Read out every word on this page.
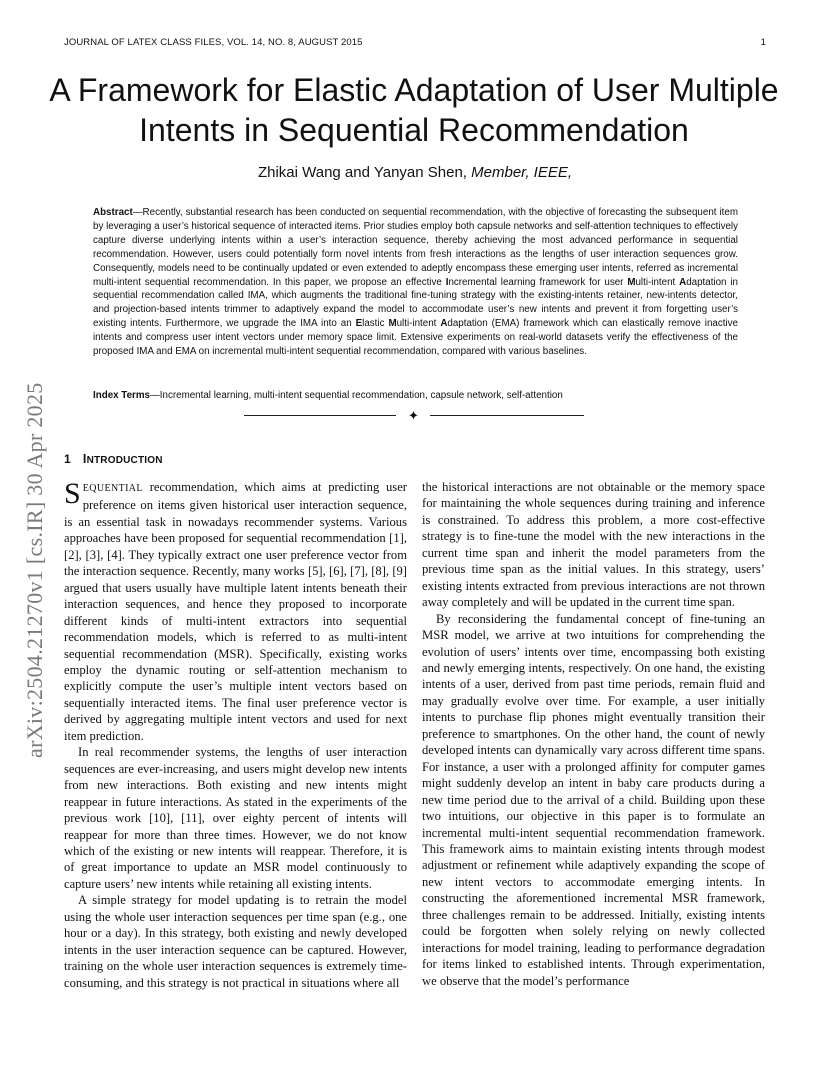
JOURNAL OF LATEX CLASS FILES, VOL. 14, NO. 8, AUGUST 2015	1
arXiv:2504.21270v1 [cs.IR] 30 Apr 2025
A Framework for Elastic Adaptation of User Multiple Intents in Sequential Recommendation
Zhikai Wang and Yanyan Shen, Member, IEEE,

Abstract—Recently, substantial research has been conducted on sequential recommendation, with the objective of forecasting the subsequent item by leveraging a user’s historical sequence of interacted items. Prior studies employ both capsule networks and self-attention techniques to effectively capture diverse underlying intents within a user’s interaction sequence, thereby achieving the most advanced performance in sequential recommendation. However, users could potentially form novel intents from fresh interactions as the lengths of user interaction sequences grow. Consequently, models need to be continually updated or even extended to adeptly encompass these emerging user intents, referred as incremental multi-intent sequential recommendation. In this paper, we propose an effective Incremental learning framework for user Multi-intent Adaptation in sequential recommendation called IMA, which augments the traditional fine-tuning strategy with the existing-intents retainer, new-intents detector, and projection-based intents trimmer to adaptively expand the model to accommodate user’s new intents and prevent it from forgetting user’s existing intents. Furthermore, we upgrade the IMA into an Elastic Multi-intent Adaptation (EMA) framework which can elastically remove inactive intents and compress user intent vectors under memory space limit. Extensive experiments on real-world datasets verify the effectiveness of the proposed IMA and EMA on incremental multi-intent sequential recommendation, compared with various baselines.

Index Terms—Incremental learning, multi-intent sequential recommendation, capsule network, self-attention
✦
1 INTRODUCTION

SEQUENTIAL recommendation, which aims at predicting user preference on items given historical user interaction sequence, is an essential task in nowadays recommender systems. Various approaches have been proposed for sequential recommendation [1], [2], [3], [4]. They typically extract one user preference vector from the interaction sequence. Recently, many works [5], [6], [7], [8], [9] argued that users usually have multiple latent intents beneath their interaction sequences, and hence they proposed to incorporate different kinds of multi-intent extractors into sequential recommendation models, which is referred to as multi-intent sequential recommendation (MSR). Specifically, existing works employ the dynamic routing or self-attention mechanism to explicitly compute the user’s multiple intent vectors based on sequentially interacted items. The final user preference vector is derived by aggregating multiple intent vectors and used for next item prediction.

In real recommender systems, the lengths of user interaction sequences are ever-increasing, and users might develop new intents from new interactions. Both existing and new intents might reappear in future interactions. As stated in the experiments of the previous work [10], [11], over eighty percent of intents will reappear for more than three times. However, we do not know which of the existing or new intents will reappear. Therefore, it is of great importance to update an MSR model continuously to capture users’ new intents while retaining all existing intents.

A simple strategy for model updating is to retrain the model using the whole user interaction sequences per time span (e.g., one hour or a day). In this strategy, both existing and newly developed intents in the user interaction sequence can be captured. However, training on the whole user interaction sequences is extremely time-consuming, and this strategy is not practical in situations where all

the historical interactions are not obtainable or the memory space for maintaining the whole sequences during training and inference is constrained. To address this problem, a more cost-effective strategy is to fine-tune the model with the new interactions in the current time span and inherit the model parameters from the previous time span as the initial values. In this strategy, users’ existing intents extracted from previous interactions are not thrown away completely and will be updated in the current time span.

By reconsidering the fundamental concept of fine-tuning an MSR model, we arrive at two intuitions for comprehending the evolution of users’ intents over time, encompassing both existing and newly emerging intents, respectively. On one hand, the existing intents of a user, derived from past time periods, remain fluid and may gradually evolve over time. For example, a user initially intents to purchase flip phones might eventually transition their preference to smartphones. On the other hand, the count of newly developed intents can dynamically vary across different time spans. For instance, a user with a prolonged affinity for computer games might suddenly develop an intent in baby care products during a new time period due to the arrival of a child. Building upon these two intuitions, our objective in this paper is to formulate an incremental multi-intent sequential recommendation framework. This framework aims to maintain existing intents through modest adjustment or refinement while adaptively expanding the scope of new intent vectors to accommodate emerging intents. In constructing the aforementioned incremental MSR framework, three challenges remain to be addressed. Initially, existing intents could be forgotten when solely relying on newly collected interactions for model training, leading to performance degradation for items linked to established intents. Through experimentation, we observe that the model’s performance
